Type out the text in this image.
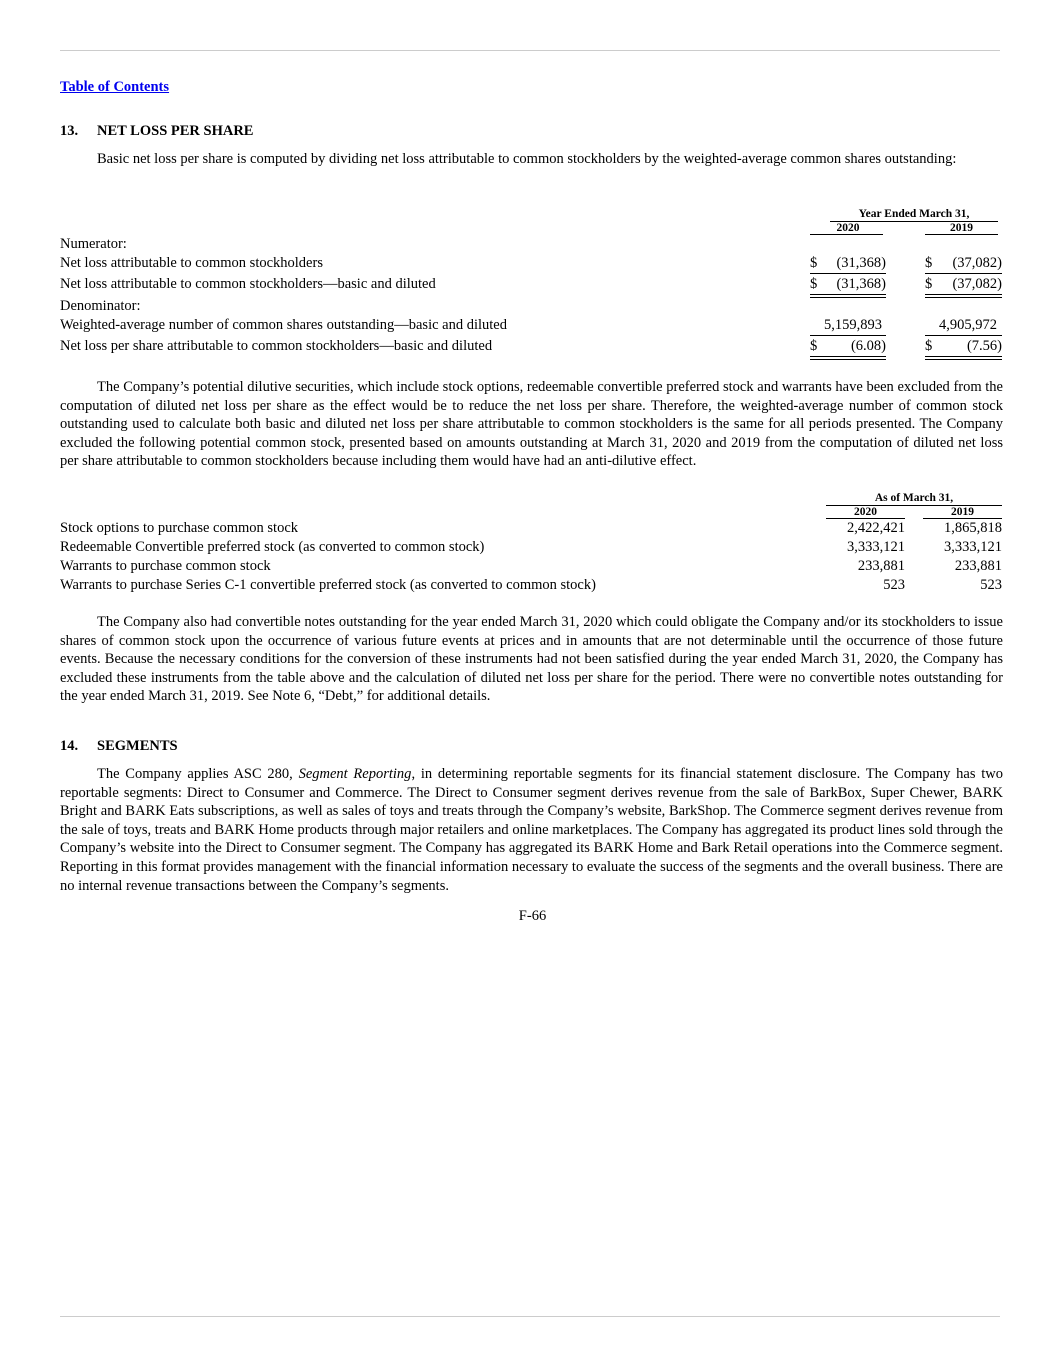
Table of Contents
13. NET LOSS PER SHARE
Basic net loss per share is computed by dividing net loss attributable to common stockholders by the weighted-average common shares outstanding:
Year Ended March 31,
2020	2019
Numerator:
Net loss attributable to common stockholders	$	(31,368)	$	(37,082)
Net loss attributable to common stockholders—basic and diluted	$	(31,368)	$	(37,082)
Denominator:
Weighted-average number of common shares outstanding—basic and diluted	5,159,893	4,905,972
Net loss per share attributable to common stockholders—basic and diluted	$	(6.08)	$	(7.56)
The Company’s potential dilutive securities, which include stock options, redeemable convertible preferred stock and warrants have been excluded from the computation of diluted net loss per share as the effect would be to reduce the net loss per share. Therefore, the weighted-average number of common stock outstanding used to calculate both basic and diluted net loss per share attributable to common stockholders is the same for all periods presented. The Company excluded the following potential common stock, presented based on amounts outstanding at March 31, 2020 and 2019 from the computation of diluted net loss per share attributable to common stockholders because including them would have had an anti-dilutive effect.
As of March 31,
2020	2019
Stock options to purchase common stock	2,422,421	1,865,818
Redeemable Convertible preferred stock (as converted to common stock)	3,333,121	3,333,121
Warrants to purchase common stock	233,881	233,881
Warrants to purchase Series C-1 convertible preferred stock (as converted to common stock)	523	523
The Company also had convertible notes outstanding for the year ended March 31, 2020 which could obligate the Company and/or its stockholders to issue shares of common stock upon the occurrence of various future events at prices and in amounts that are not determinable until the occurrence of those future events. Because the necessary conditions for the conversion of these instruments had not been satisfied during the year ended March 31, 2020, the Company has excluded these instruments from the table above and the calculation of diluted net loss per share for the period. There were no convertible notes outstanding for the year ended March 31, 2019. See Note 6, “Debt,” for additional details.
14. SEGMENTS
The Company applies ASC 280, Segment Reporting, in determining reportable segments for its financial statement disclosure. The Company has two reportable segments: Direct to Consumer and Commerce. The Direct to Consumer segment derives revenue from the sale of BarkBox, Super Chewer, BARK Bright and BARK Eats subscriptions, as well as sales of toys and treats through the Company’s website, BarkShop. The Commerce segment derives revenue from the sale of toys, treats and BARK Home products through major retailers and online marketplaces. The Company has aggregated its product lines sold through the Company’s website into the Direct to Consumer segment. The Company has aggregated its BARK Home and Bark Retail operations into the Commerce segment. Reporting in this format provides management with the financial information necessary to evaluate the success of the segments and the overall business. There are no internal revenue transactions between the Company’s segments.
F-66
